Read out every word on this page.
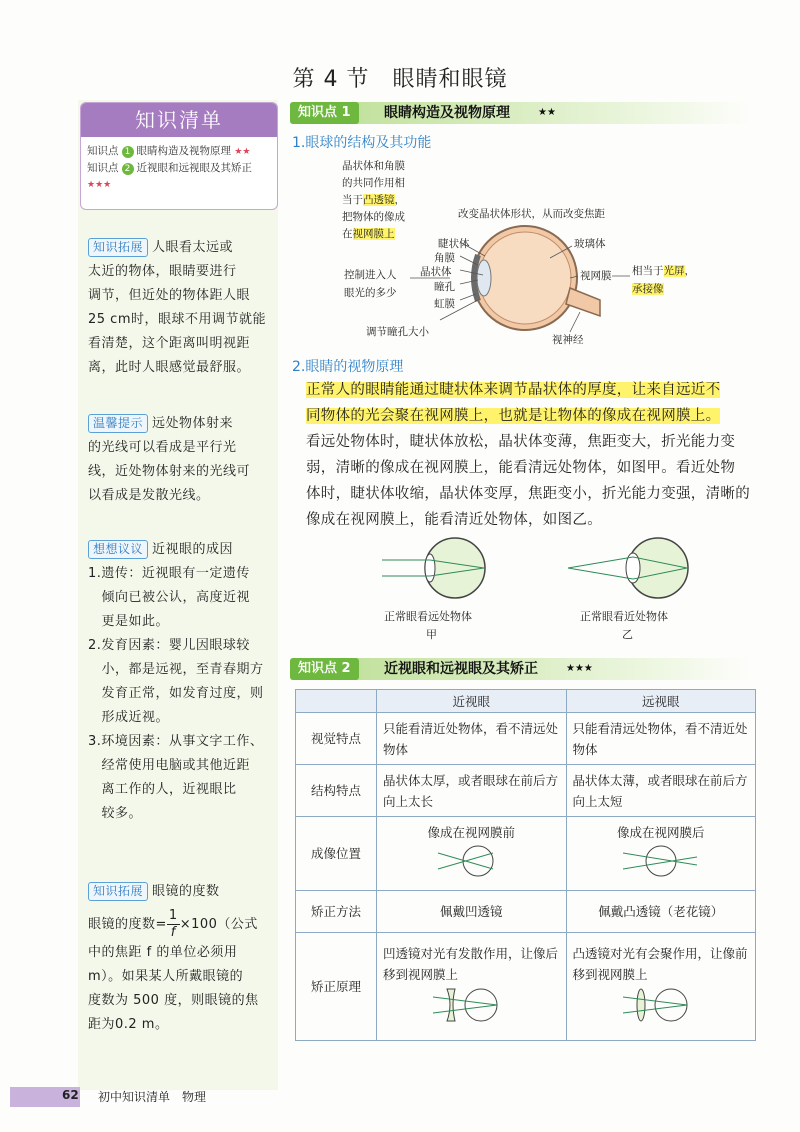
第 4 节　眼睛和眼镜
知识清单
知识点 1 眼睛构造及视物原理 ★★
知识点 2 近视眼和远视眼及其矫正 ★★★
知识拓展 人眼看太远或
太近的物体，眼睛要进行
调节，但近处的物体距人眼
25 cm时，眼球不用调节就能
看清楚，这个距离叫明视距
离，此时人眼感觉最舒服。
温馨提示 远处物体射来
的光线可以看成是平行光
线，近处物体射来的光线可
以看成是发散光线。
想想议议 近视眼的成因
1.遗传：近视眼有一定遗传
　倾向已被公认，高度近视
　更是如此。
2.发育因素：婴儿因眼球较
　小，都是远视，至青春期方
　发育正常，如发育过度，则
　形成近视。
3.环境因素：从事文字工作、
　经常使用电脑或其他近距
　离工作的人，近视眼比
　较多。
知识拓展 眼镜的度数
眼镜的度数= $\frac{1}{f} \times 100$（公式
中的焦距 f 的单位必须用
m）。如果某人所戴眼镜的
度数为 500 度，则眼镜的焦
距为0.2 m。
知识点 1	眼睛构造及视物原理	★★
1.眼球的结构及其功能
晶状体和角膜
的共同作用相
当于凸透镜，
把物体的像成
在视网膜上
改变晶状体形状，从而改变焦距
睫状体
角膜
晶状体
瞳孔
虹膜
控制进入人
眼光的多少
调节瞳孔大小
玻璃体
视网膜 相当于光屏，
承接像
视神经
2.眼睛的视物原理
正常人的眼睛能通过睫状体来调节晶状体的厚度，让来自远近不
同物体的光会聚在视网膜上，也就是让物体的像成在视网膜上。
看远处物体时，睫状体放松，晶状体变薄，焦距变大，折光能力变
弱，清晰的像成在视网膜上，能看清远处物体，如图甲。看近处物
体时，睫状体收缩，晶状体变厚，焦距变小，折光能力变强，清晰的
像成在视网膜上，能看清近处物体，如图乙。
正常眼看远处物体
甲
正常眼看近处物体
乙
知识点 2	近视眼和远视眼及其矫正	★★★
	近视眼	远视眼
视觉特点	只能看清近处物体，看不清远处物体	只能看清远处物体，看不清近处物体
结构特点	晶状体太厚，或者眼球在前后方向上太长	晶状体太薄，或者眼球在前后方向上太短
成像位置	像成在视网膜前	像成在视网膜后

矫正方法	佩戴凹透镜	佩戴凸透镜（老花镜）
矫正原理	凹透镜对光有发散作用，让像后移到视网膜上	凸透镜对光有会聚作用，让像前移到视网膜上
62 初中知识清单　物理
